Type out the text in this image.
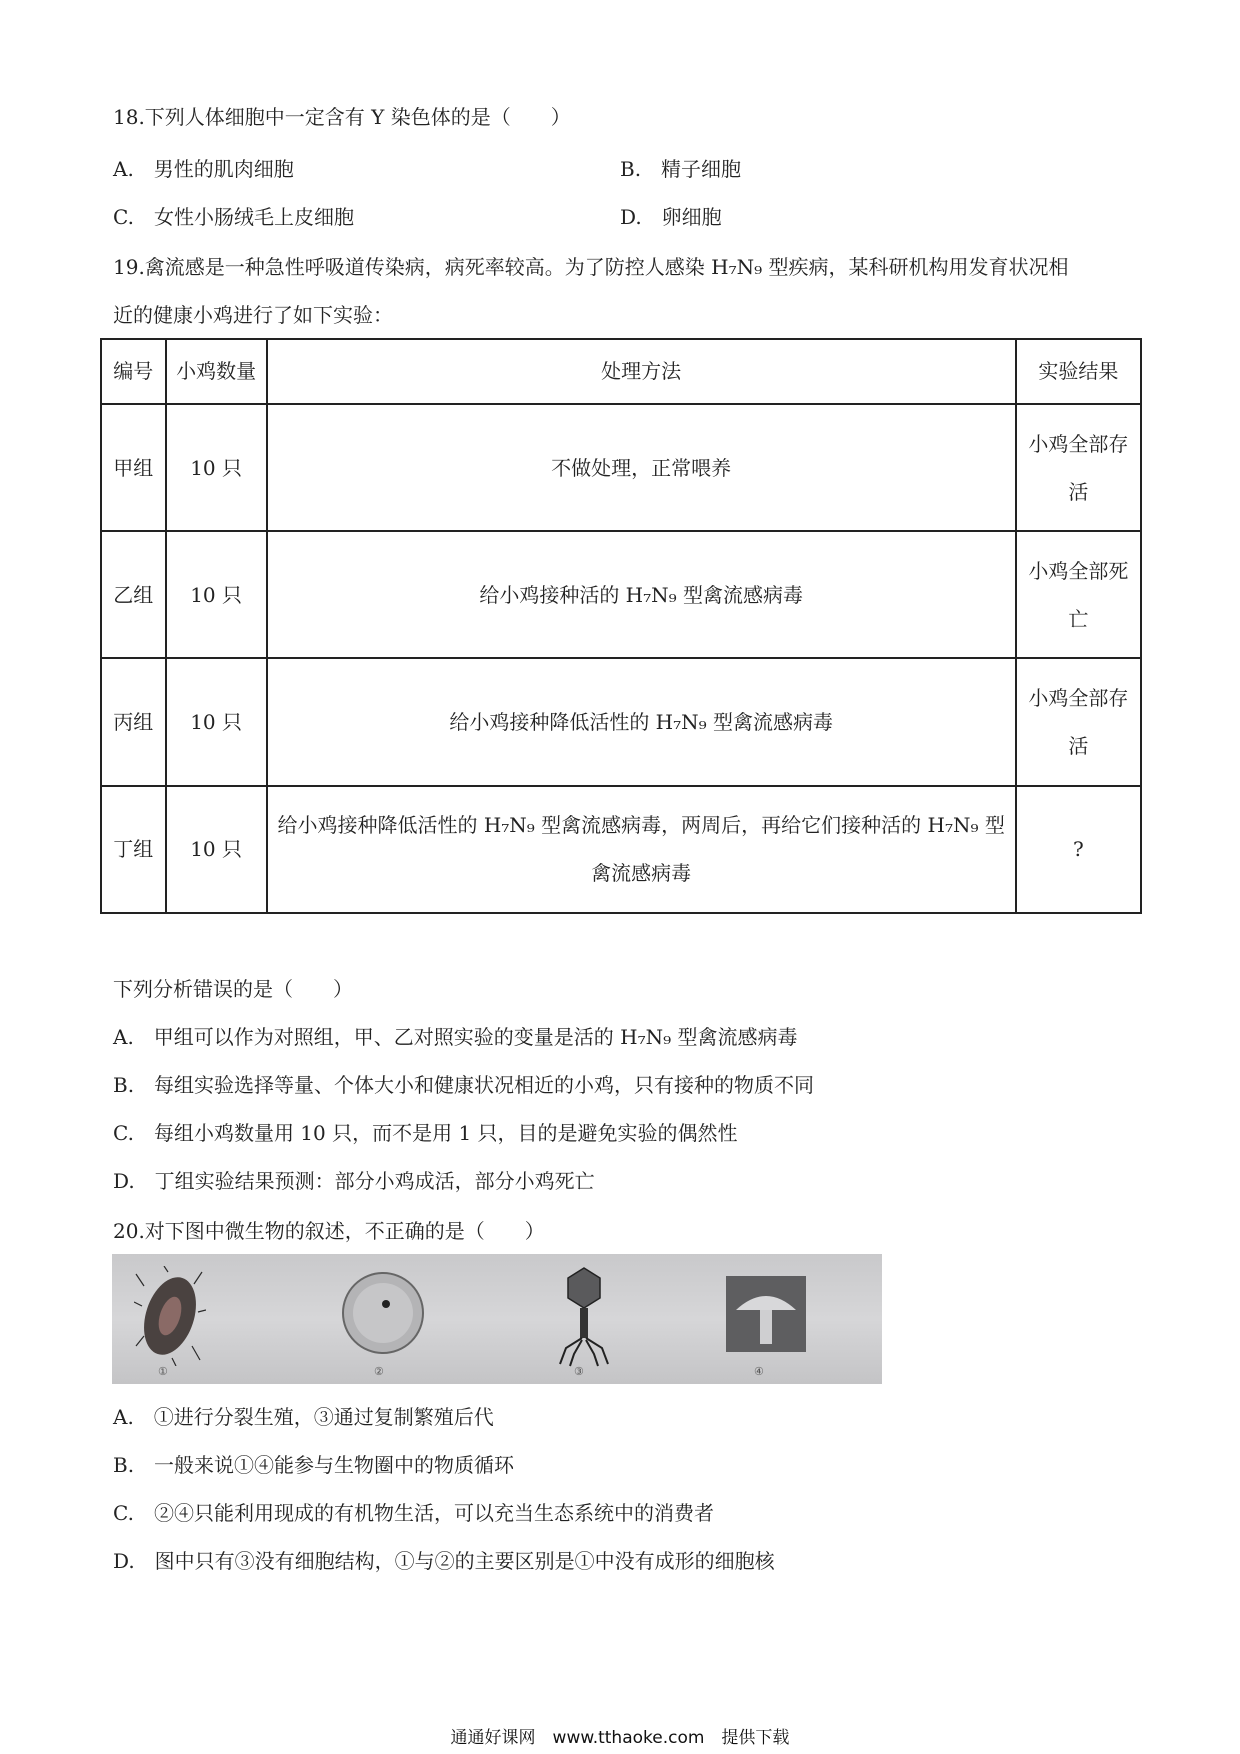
18.下列人体细胞中一定含有 Y 染色体的是（　　）
A.　男性的肌肉细胞	B.　精子细胞
C.　女性小肠绒毛上皮细胞	D.　卵细胞
19.禽流感是一种急性呼吸道传染病，病死率较高。为了防控人感染 H₇N₉ 型疾病，某科研机构用发育状况相
近的健康小鸡进行了如下实验：
编号	小鸡数量	处理方法	实验结果
甲组	10 只	不做处理，正常喂养	小鸡全部存活
乙组	10 只	给小鸡接种活的 H₇N₉ 型禽流感病毒	小鸡全部死亡
丙组	10 只	给小鸡接种降低活性的 H₇N₉ 型禽流感病毒	小鸡全部存活
丁组	10 只	给小鸡接种降低活性的 H₇N₉ 型禽流感病毒，两周后，再给它们接种活的 H₇N₉ 型禽流感病毒	?
下列分析错误的是（　　）
A.　甲组可以作为对照组，甲、乙对照实验的变量是活的 H₇N₉ 型禽流感病毒
B.　每组实验选择等量、个体大小和健康状况相近的小鸡，只有接种的物质不同
C.　每组小鸡数量用 10 只，而不是用 1 只，目的是避免实验的偶然性
D.　丁组实验结果预测：部分小鸡成活，部分小鸡死亡
20.对下图中微生物的叙述，不正确的是（　　）
①	②	③	④
A.　①进行分裂生殖，③通过复制繁殖后代
B.　一般来说①④能参与生物圈中的物质循环
C.　②④只能利用现成的有机物生活，可以充当生态系统中的消费者
D.　图中只有③没有细胞结构，①与②的主要区别是①中没有成形的细胞核
通通好课网　www.tthaoke.com　提供下载
